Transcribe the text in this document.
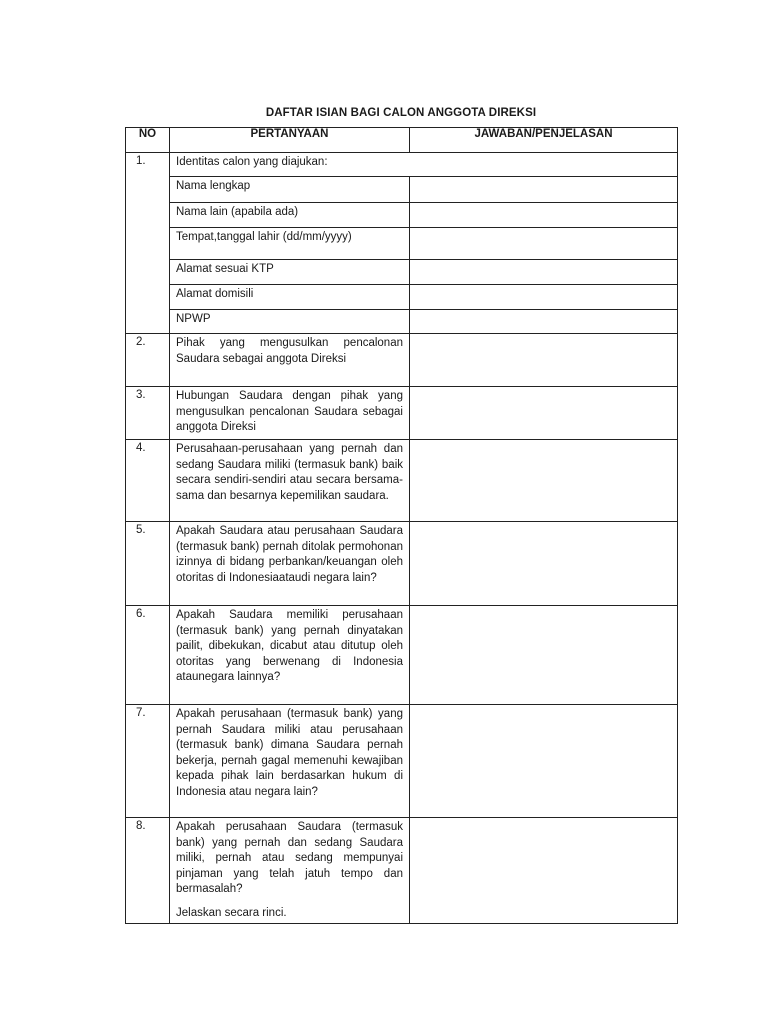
DAFTAR ISIAN BAGI CALON ANGGOTA DIREKSI
NO	PERTANYAAN	JAWABAN/PENJELASAN
1.	Identitas calon yang diajukan:	
	Nama lengkap	
	Nama lain (apabila ada)	
	Tempat,tanggal lahir (dd/mm/yyyy)	
	Alamat sesuai KTP	
	Alamat domisili	
	NPWP	
2.	Pihak yang mengusulkan pencalonan Saudara sebagai anggota Direksi	
3.	Hubungan Saudara dengan pihak yang mengusulkan pencalonan Saudara sebagai anggota Direksi	
4.	Perusahaan-perusahaan yang pernah dan sedang Saudara miliki (termasuk bank) baik secara sendiri-sendiri atau secara bersama-sama dan besarnya kepemilikan saudara.	
5.	Apakah Saudara atau perusahaan Saudara (termasuk bank) pernah ditolak permohonan izinnya di bidang perbankan/keuangan oleh otoritas di Indonesiaataudi negara lain?	
6.	Apakah Saudara memiliki perusahaan (termasuk bank) yang pernah dinyatakan pailit, dibekukan, dicabut atau ditutup oleh otoritas yang berwenang di Indonesia ataunegara lainnya?	
7.	Apakah perusahaan (termasuk bank) yang pernah Saudara miliki atau perusahaan (termasuk bank) dimana Saudara pernah bekerja, pernah gagal memenuhi kewajiban kepada pihak lain berdasarkan hukum di Indonesia atau negara lain?	
8.	Apakah perusahaan Saudara (termasuk bank) yang pernah dan sedang Saudara miliki, pernah atau sedang mempunyai pinjaman yang telah jatuh tempo dan bermasalah?
Jelaskan secara rinci.	
